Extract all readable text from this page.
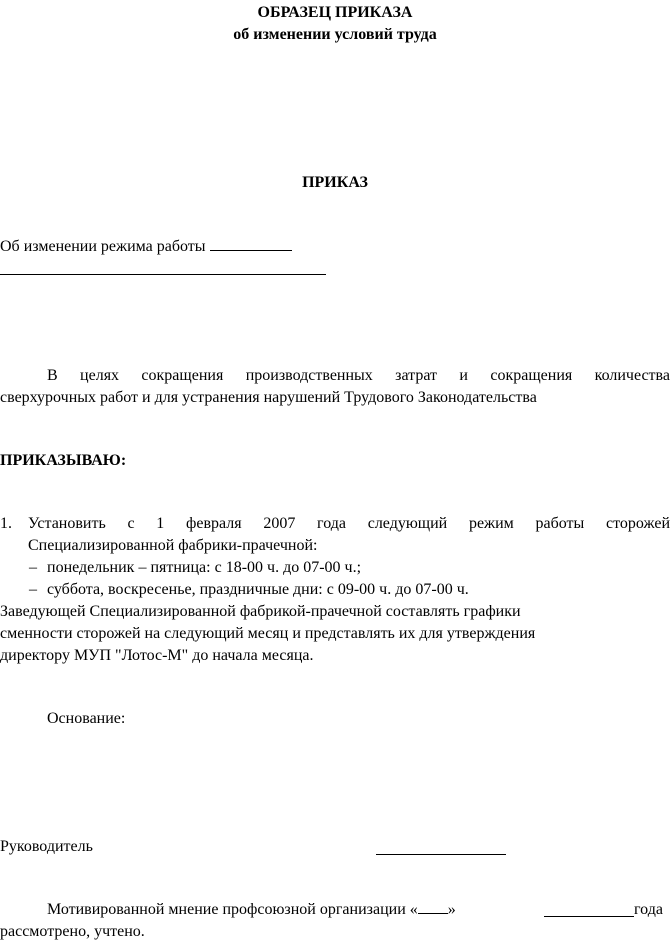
ОБРАЗЕЦ ПРИКАЗА
об изменении условий труда
ПРИКАЗ
Об изменении режима работы
В целях сокращения производственных затрат и сокращения количества
сверхурочных работ и для устранения нарушений Трудового Законодательства
ПРИКАЗЫВАЮ:
1. Установить с 1 февраля 2007 года следующий режим работы сторожей
Специализированной фабрики-прачечной:
– понедельник – пятница: с 18-00 ч. до 07-00 ч.;
– суббота, воскресенье, праздничные дни: с 09-00 ч. до 07-00 ч.
Заведующей Специализированной фабрикой-прачечной составлять графики
сменности сторожей на следующий месяц и представлять их для утверждения
директору МУП "Лотос-М" до начала месяца.
Основание:
Руководитель
Мотивированной мнение профсоюзной организации « »	года
рассмотрено, учтено.
